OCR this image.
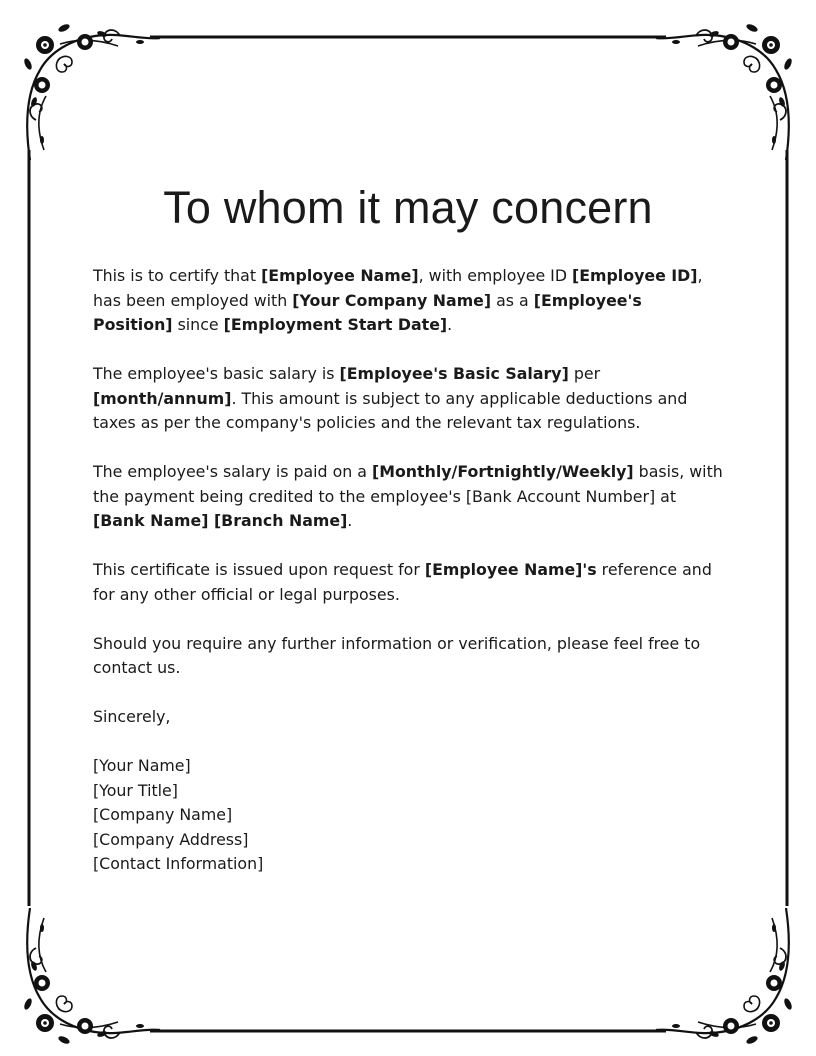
To whom it may concern

This is to certify that [Employee Name], with employee ID [Employee ID], has been employed with [Your Company Name] as a [Employee's Position] since [Employment Start Date].

The employee's basic salary is [Employee's Basic Salary] per [month/annum]. This amount is subject to any applicable deductions and taxes as per the company's policies and the relevant tax regulations.

The employee's salary is paid on a [Monthly/Fortnightly/Weekly] basis, with the payment being credited to the employee's [Bank Account Number] at [Bank Name] [Branch Name].

This certificate is issued upon request for [Employee Name]'s reference and for any other official or legal purposes.

Should you require any further information or verification, please feel free to contact us.

Sincerely,

[Your Name]
[Your Title]
[Company Name]
[Company Address]
[Contact Information]
